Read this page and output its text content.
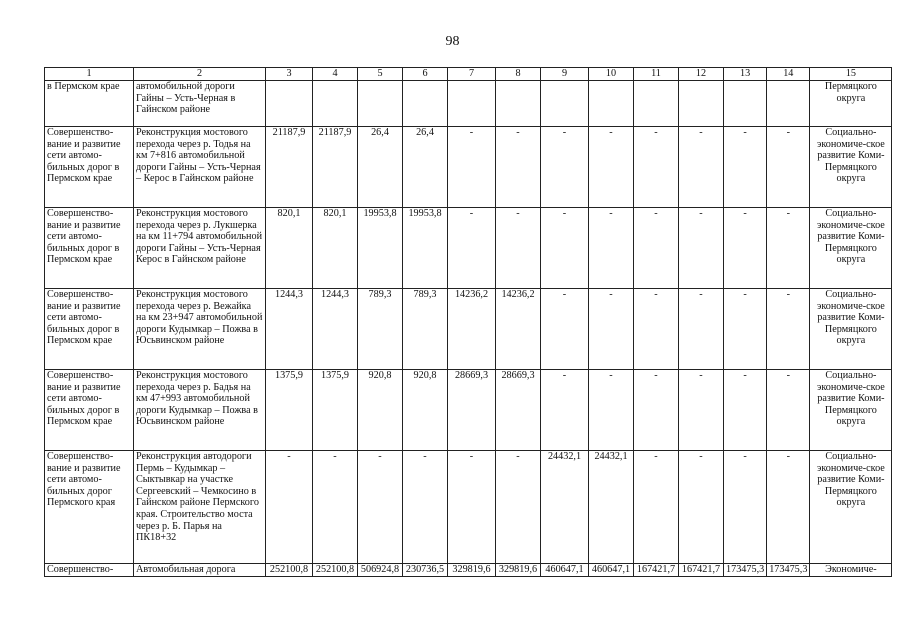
98
1	2	3	4	5	6	7	8	9	10	11	12	13	14	15
в Пермском крае	автомобильной дороги Гайны – Усть-Черная в Гайнском районе													Пермяцкого округа
Совершенство-вание и развитие сети автомо-бильных дорог в Пермском крае	Реконструкция мостового перехода через р. Тодья на км 7+816 автомобильной дороги Гайны – Усть-Черная – Керос в Гайнском районе	21187,9	21187,9	26,4	26,4	-	-	-	-	-	-	-	-	Социально-экономиче-ское развитие Коми-Пермяцкого округа
Совершенство-вание и развитие сети автомо-бильных дорог в Пермском крае	Реконструкция мостового перехода через р. Лукшерка на км 11+794 автомобильной дороги Гайны – Усть-Черная Керос в Гайнском районе	820,1	820,1	19953,8	19953,8	-	-	-	-	-	-	-	-	Социально-экономиче-ское развитие Коми-Пермяцкого округа
Совершенство-вание и развитие сети автомо-бильных дорог в Пермском крае	Реконструкция мостового перехода через р. Вежайка на км 23+947 автомобильной дороги Кудымкар – Пожва в Юсьвинском районе	1244,3	1244,3	789,3	789,3	14236,2	14236,2	-	-	-	-	-	-	Социально-экономиче-ское развитие Коми-Пермяцкого округа
Совершенство-вание и развитие сети автомо-бильных дорог в Пермском крае	Реконструкция мостового перехода через р. Бадья на км 47+993 автомобильной дороги Кудымкар – Пожва в Юсьвинском районе	1375,9	1375,9	920,8	920,8	28669,3	28669,3	-	-	-	-	-	-	Социально-экономиче-ское развитие Коми-Пермяцкого округа
Совершенство-вание и развитие сети автомо-бильных дорог Пермского края	Реконструкция автодороги Пермь – Кудымкар – Сыктывкар на участке Сергеевский – Чемкосино в Гайнском районе Пермского края. Строительство моста через р. Б. Парья на ПК18+32	-	-	-	-	-	-	24432,1	24432,1	-	-	-	-	Социально-экономиче-ское развитие Коми-Пермяцкого округа
Совершенство-	Автомобильная дорога	252100,8	252100,8	506924,8	230736,5	329819,6	329819,6	460647,1	460647,1	167421,7	167421,7	173475,3	173475,3	Экономиче-
